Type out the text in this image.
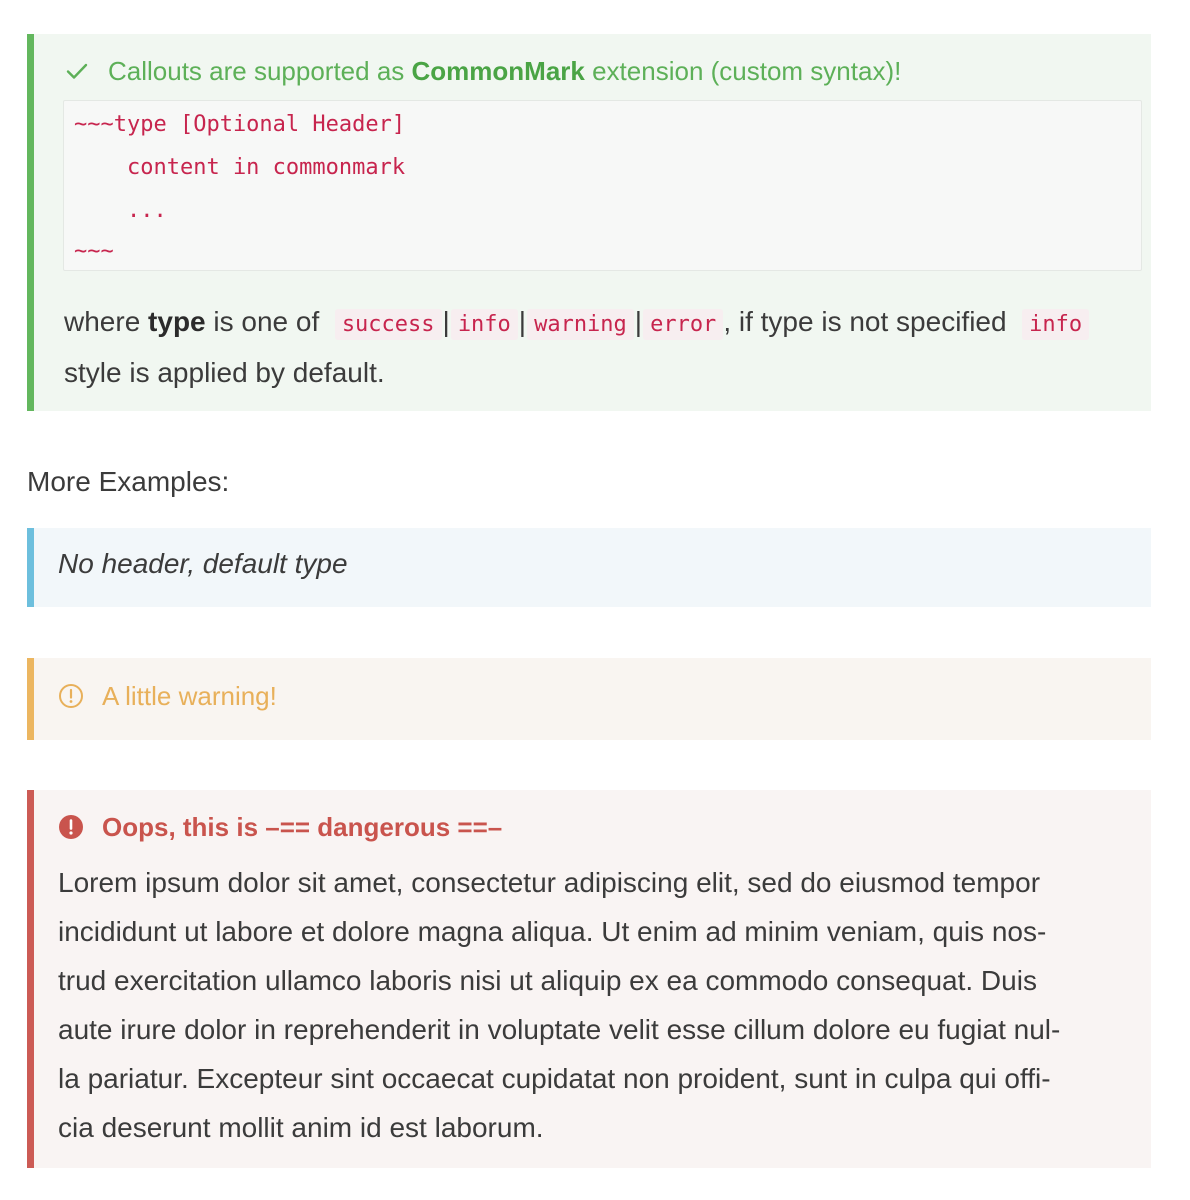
Callouts are supported as CommonMark extension (custom syntax)!
~~~type [Optional Header]
content in commonmark
...
~~~
where type is one of  success | info | warning | error , if type is not specified  info
style is applied by default.
More Examples:
No header, default type
A little warning!
Oops, this is –== dangerous ==–
Lorem ipsum dolor sit amet, consectetur adipiscing elit, sed do eiusmod tempor
incididunt ut labore et dolore magna aliqua. Ut enim ad minim veniam, quis nos-
trud exercitation ullamco laboris nisi ut aliquip ex ea commodo consequat. Duis
aute irure dolor in reprehenderit in voluptate velit esse cillum dolore eu fugiat nul-
la pariatur. Excepteur sint occaecat cupidatat non proident, sunt in culpa qui offi-
cia deserunt mollit anim id est laborum.
